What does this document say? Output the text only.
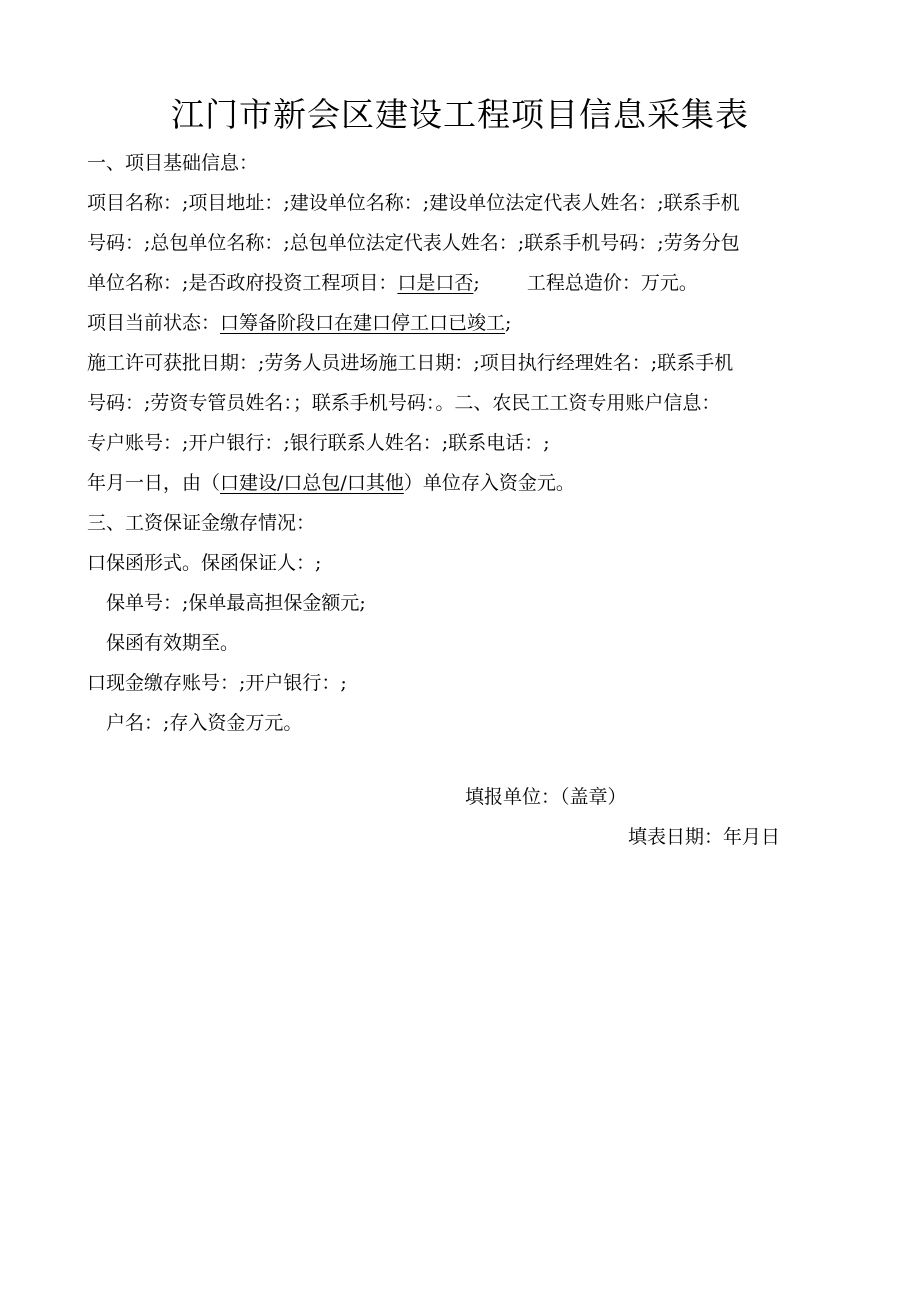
江门市新会区建设工程项目信息采集表
一、项目基础信息：
项目名称：;项目地址：;建设单位名称：;建设单位法定代表人姓名：;联系手机
号码：;总包单位名称：;总包单位法定代表人姓名：;联系手机号码：;劳务分包
单位名称：;是否政府投资工程项目：口是口否; 工程总造价：万元。
项目当前状态：口筹备阶段口在建口停工口已竣工;
施工许可获批日期：;劳务人员进场施工日期：;项目执行经理姓名：;联系手机
号码：;劳资专管员姓名：；联系手机号码：。二、农民工工资专用账户信息：
专户账号：;开户银行：;银行联系人姓名：;联系电话：;
年月一日，由（口建设/口总包/口其他）单位存入资金元。
三、工资保证金缴存情况：
口保函形式。保函保证人：;
保单号：;保单最高担保金额元;
保函有效期至。
口现金缴存账号：;开户银行：;
户名：;存入资金万元。
填报单位：（盖章）
填表日期：年月日
